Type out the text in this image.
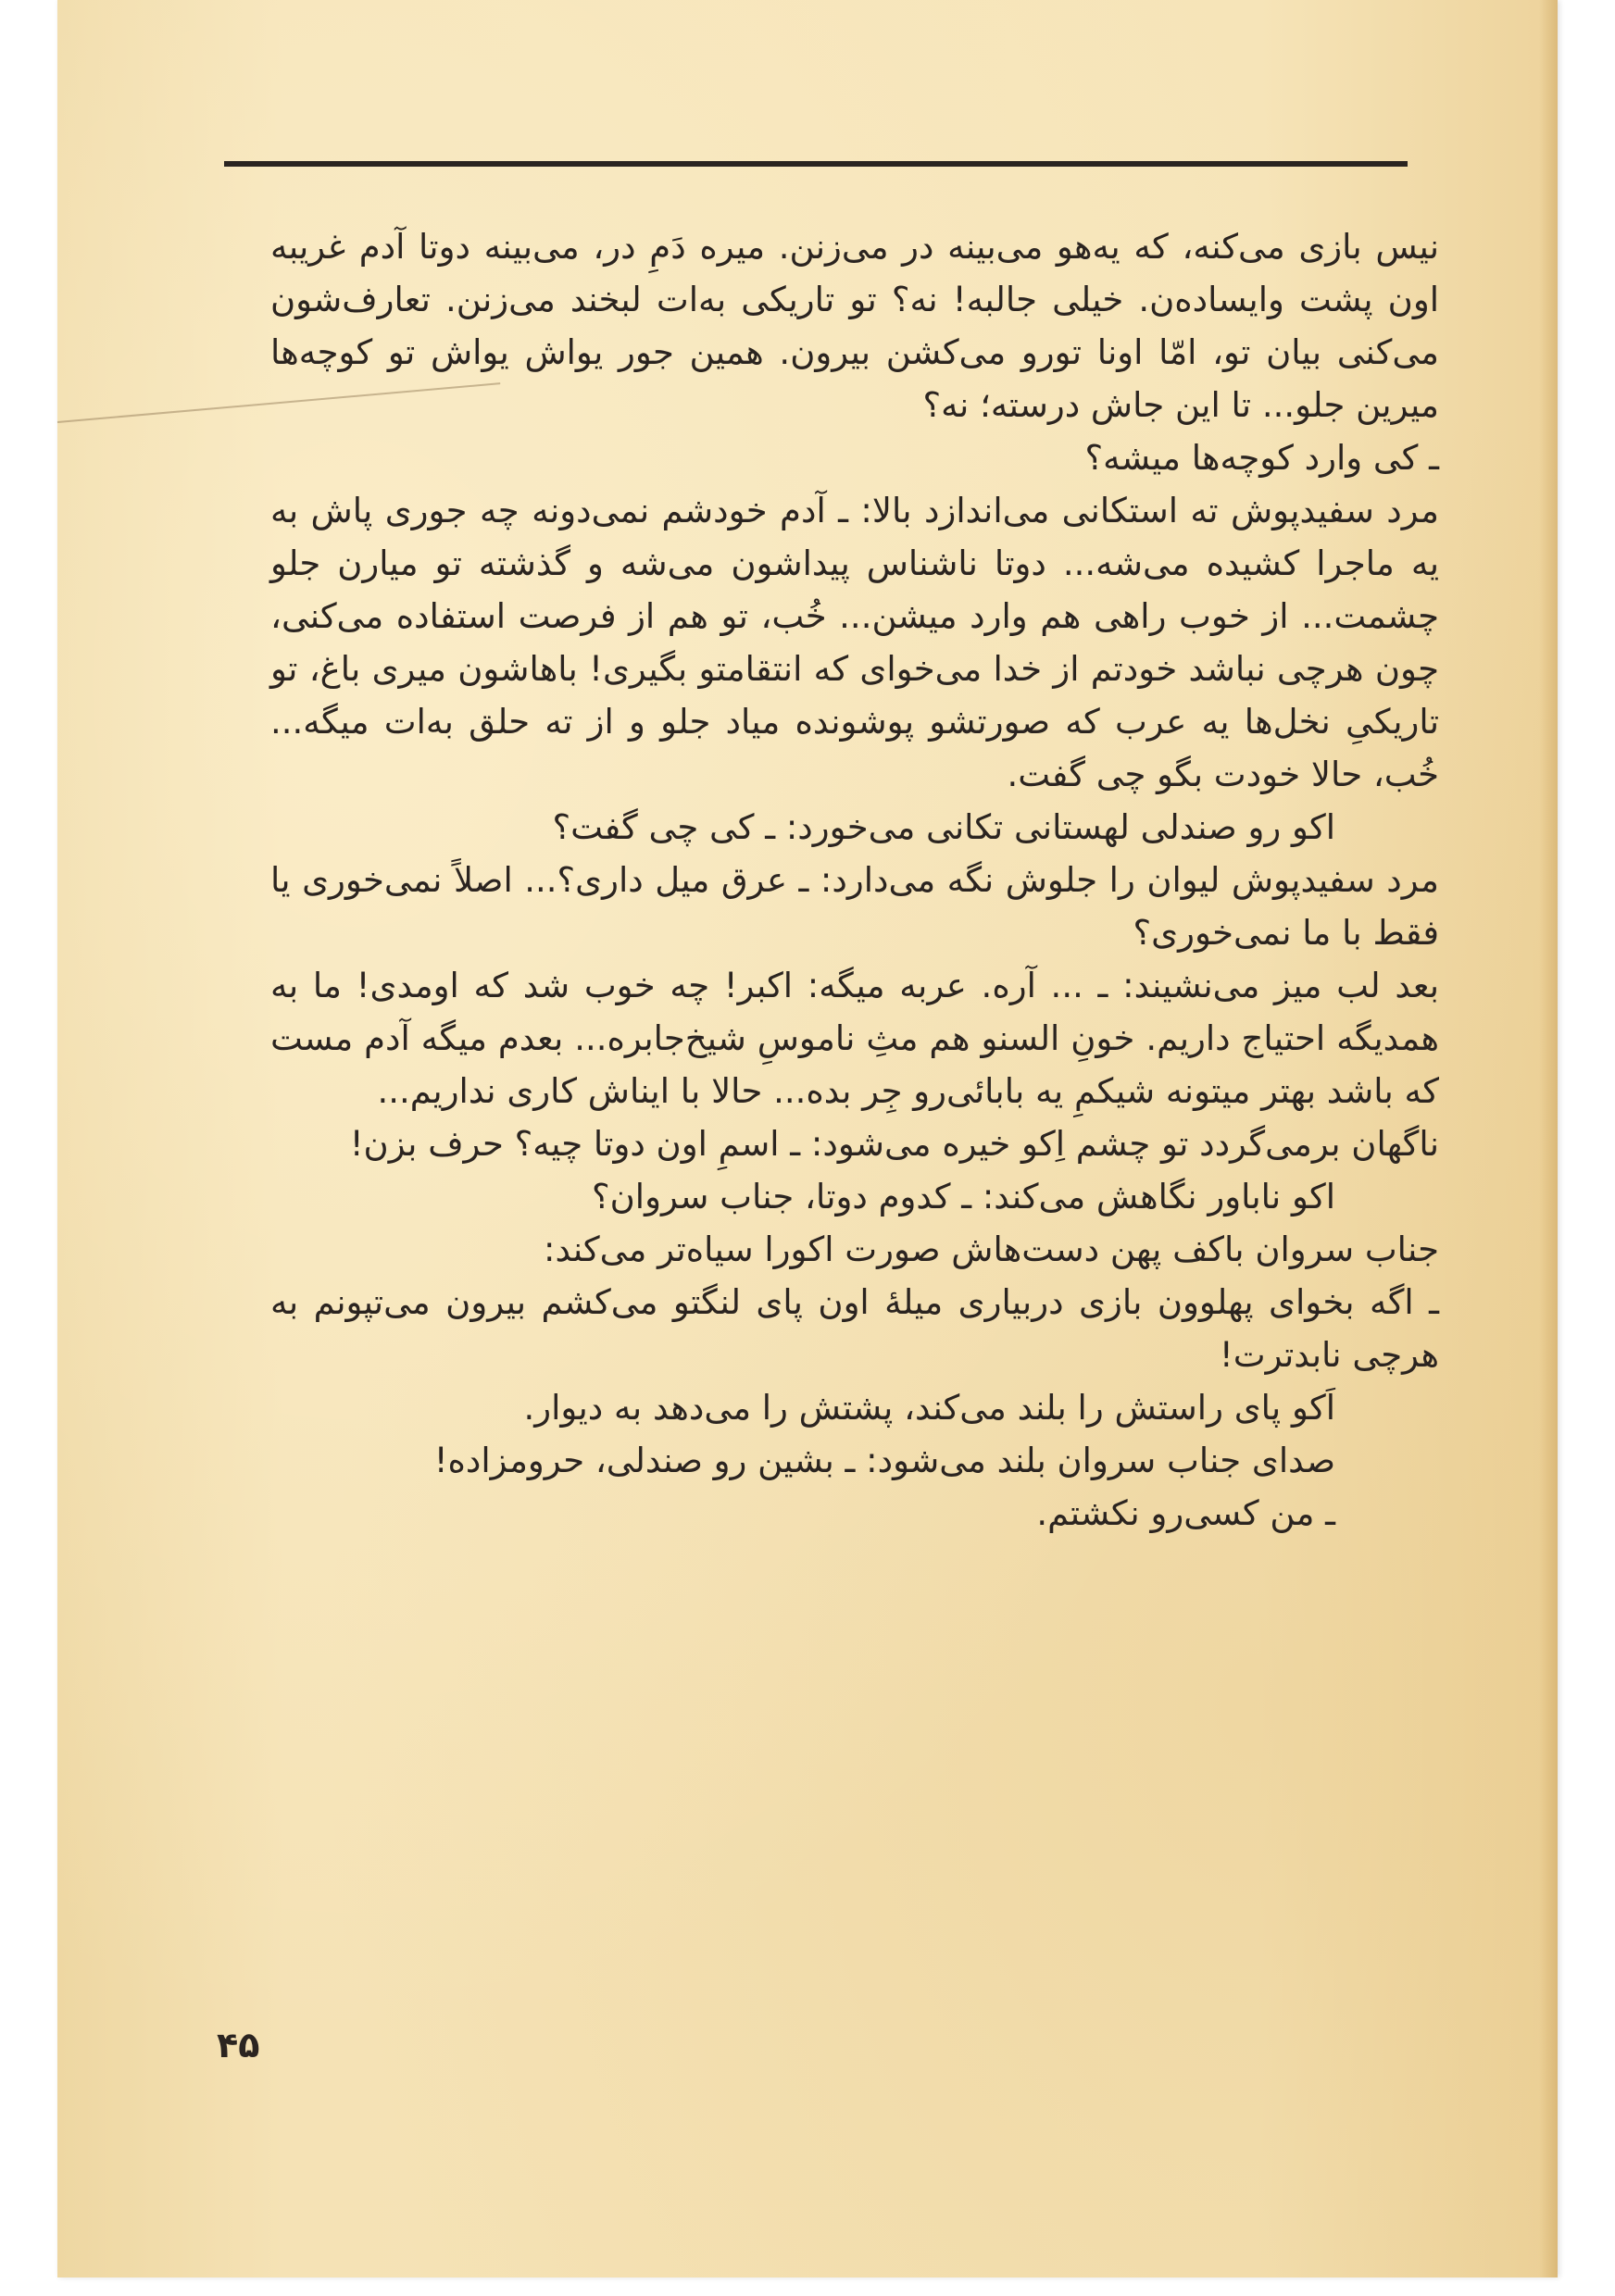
نیس بازی می‌کنه، که یه‌هو می‌بینه در می‌زنن. میره دَمِ در، می‌بینه دوتا آدم غریبه اون پشت وایساده‌ن. خیلی جالبه! نه؟ تو تاریکی به‌ات لبخند می‌زنن. تعارف‌شون می‌کنی بیان تو، امّا اونا تورو می‌کشن بیرون. همین جور یواش یواش تو کوچه‌ها میرین جلو... تا این جاش درسته؛ نه؟

ـ کی وارد کوچه‌ها میشه؟

مرد سفیدپوش ته استکانی می‌اندازد بالا: ـ آدم خودشم نمی‌دونه چه جوری پاش به یه ماجرا کشیده می‌شه... دوتا ناشناس پیداشون می‌شه و گذشته تو میارن جلو چشمت... از خوب راهی هم وارد میشن... خُب، تو هم از فرصت استفاده می‌کنی، چون هرچی نباشد خودتم از خدا می‌خوای که انتقامتو بگیری! باهاشون میری باغ، تو تاریکیِ نخل‌ها یه عرب که صورتشو پوشونده میاد جلو و از ته حلق به‌ات میگه... خُب، حالا خودت بگو چی گفت.

اکو رو صندلی لهستانی تکانی می‌خورد: ـ کی چی گفت؟

مرد سفیدپوش لیوان را جلوش نگه می‌دارد: ـ عرق میل داری؟... اصلاً نمی‌خوری یا فقط با ما نمی‌خوری؟

بعد لب میز می‌نشیند: ـ ... آره. عربه میگه: اکبر! چه خوب شد که اومدی! ما به همدیگه احتیاج داریم. خونِ السنو هم مثِ ناموسِ شیخ‌جابره... بعدم میگه آدم مست که باشد بهتر میتونه شیکمِ یه بابائی‌رو جِر بده... حالا با ایناش کاری نداریم...

ناگهان برمی‌گردد تو چشم اِکو خیره می‌شود: ـ اسمِ اون دوتا چیه؟ حرف بزن!

اکو ناباور نگاهش می‌کند: ـ کدوم دوتا، جناب سروان؟

جناب سروان باکف پهن دست‌هاش صورت اکورا سیاه‌تر می‌کند:

ـ اگه بخوای پهلوون بازی دربیاری میلهٔ اون پای لنگتو می‌کشم بیرون می‌تپونم به هرچی نابدترت!

اَکو پای راستش را بلند می‌کند، پشتش را می‌دهد به دیوار.

صدای جناب سروان بلند می‌شود: ـ بشین رو صندلی، حرومزاده!

ـ من کسی‌رو نکشتم.

۴۵
